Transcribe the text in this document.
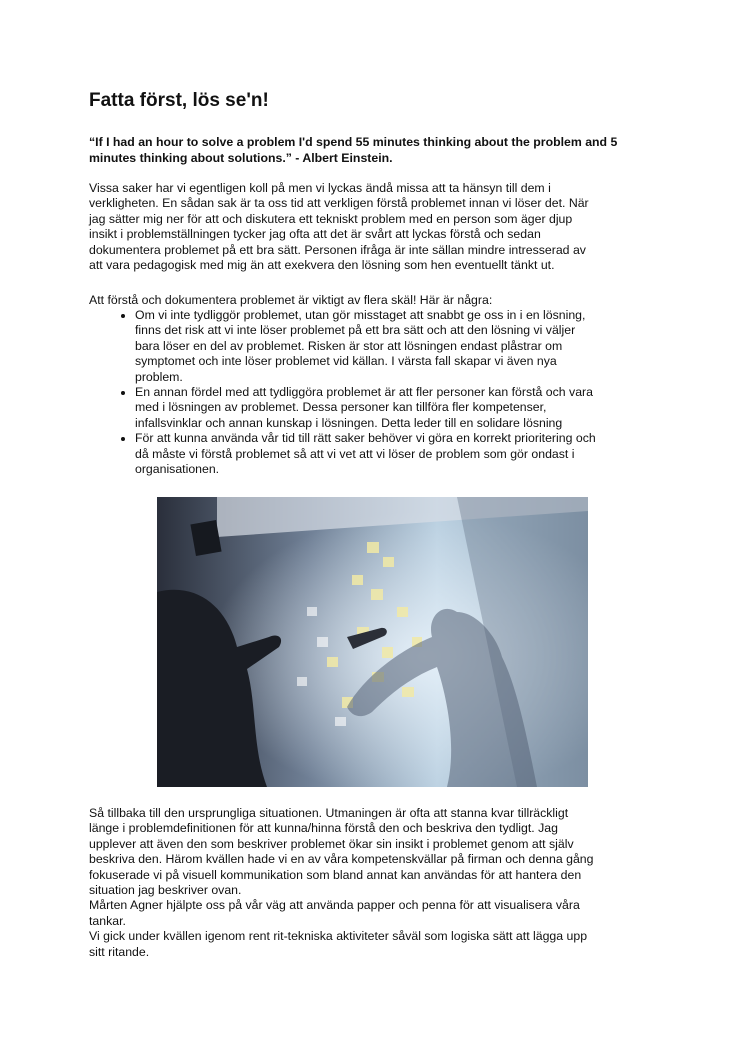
Fatta först, lös se'n!

“If I had an hour to solve a problem I'd spend 55 minutes thinking about the problem and 5 minutes thinking about solutions.” - Albert Einstein.

Vissa saker har vi egentligen koll på men vi lyckas ändå missa att ta hänsyn till dem i
verkligheten. En sådan sak är ta oss tid att verkligen förstå problemet innan vi löser det. När
jag sätter mig ner för att och diskutera ett tekniskt problem med en person som äger djup
insikt i problemställningen tycker jag ofta att det är svårt att lyckas förstå och sedan
dokumentera problemet på ett bra sätt. Personen ifråga är inte sällan mindre intresserad av
att vara pedagogisk med mig än att exekvera den lösning som hen eventuellt tänkt ut.

Att förstå och dokumentera problemet är viktigt av flera skäl! Här är några:

• Om vi inte tydliggör problemet, utan gör misstaget att snabbt ge oss in i en lösning,
finns det risk att vi inte löser problemet på ett bra sätt och att den lösning vi väljer
bara löser en del av problemet. Risken är stor att lösningen endast plåstrar om
symptomet och inte löser problemet vid källan. I värsta fall skapar vi även nya
problem.
• En annan fördel med att tydliggöra problemet är att fler personer kan förstå och vara
med i lösningen av problemet. Dessa personer kan tillföra fler kompetenser,
infallsvinklar och annan kunskap i lösningen. Detta leder till en solidare lösning
• För att kunna använda vår tid till rätt saker behöver vi göra en korrekt prioritering och
då måste vi förstå problemet så att vi vet att vi löser de problem som gör ondast i
organisationen.

Så tillbaka till den ursprungliga situationen. Utmaningen är ofta att stanna kvar tillräckligt
länge i problemdefinitionen för att kunna/hinna förstå den och beskriva den tydligt. Jag
upplever att även den som beskriver problemet ökar sin insikt i problemet genom att själv
beskriva den. Härom kvällen hade vi en av våra kompetenskvällar på firman och denna gång
fokuserade vi på visuell kommunikation som bland annat kan användas för att hantera den
situation jag beskriver ovan.
Mårten Agner hjälpte oss på vår väg att använda papper och penna för att visualisera våra
tankar.
Vi gick under kvällen igenom rent rit-tekniska aktiviteter såväl som logiska sätt att lägga upp
sitt ritande.
